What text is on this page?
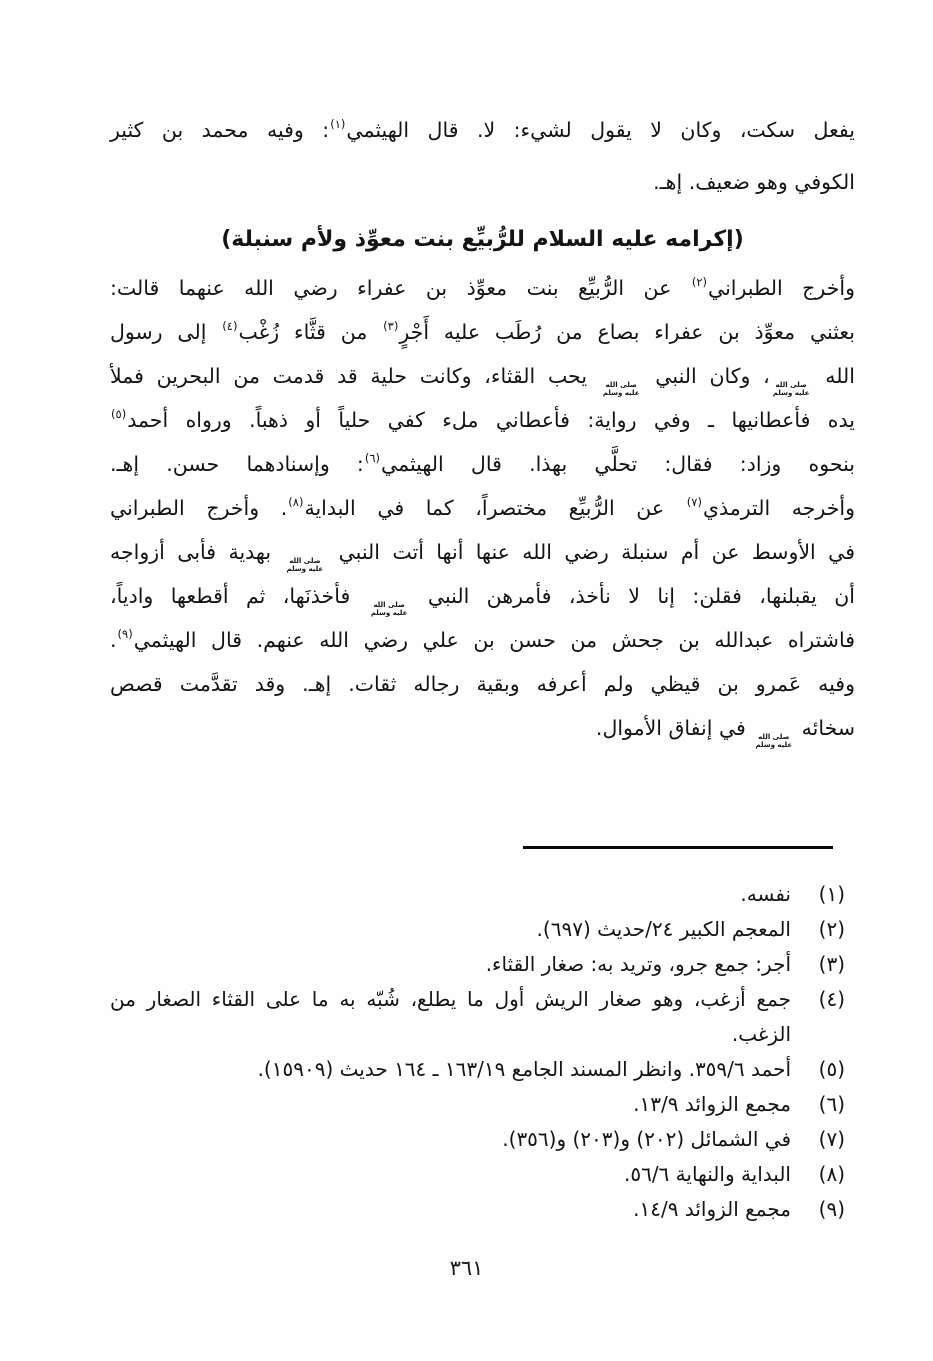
يفعل سكت، وكان لا يقول لشيء: لا. قال الهيثمي$^{(١)}$: وفيه محمد بن كثير
الكوفي وهو ضعيف. إهـ.
(إكرامه عليه السلام للرُّبيِّع بنت معوِّذ ولأم سنبلة)
وأخرج الطبراني$^{(٢)}$ عن الرُّبيِّع بنت معوِّذ بن عفراء رضي الله عنهما قالت:
بعثني معوِّذ بن عفراء بصاع من رُطَب عليه أَجْرٍ$^{(٣)}$ من قثَّاء زُغْب$^{(٤)}$ إلى رسول
الله
صلى الله
عليه وسلم
، وكان النبي
صلى الله
عليه وسلم
يحب القثاء، وكانت حلية قد قدمت من البحرين فملأ
يده فأعطانيها ـ وفي رواية: فأعطاني ملء كفي حلياً أو ذهباً. ورواه أحمد$^{(٥)}$
بنحوه وزاد: فقال: تحلَّي بهذا. قال الهيثمي$^{(٦)}$: وإسنادهما حسن. إهـ.
وأخرجه الترمذي$^{(٧)}$ عن الرُّبيِّع مختصراً، كما في البداية$^{(٨)}$. وأخرج الطبراني
في الأوسط عن أم سنبلة رضي الله عنها أنها أتت النبي
صلى الله
عليه وسلم
بهدية فأبى أزواجه
أن يقبلنها، فقلن: إنا لا نأخذ، فأمرهن النبي
صلى الله
عليه وسلم
فأخذنَها، ثم أقطعها وادياً،
فاشتراه عبدالله بن جحش من حسن بن علي رضي الله عنهم. قال الهيثمي$^{(٩)}$.
وفيه عَمرو بن قيظي ولم أعرفه وبقية رجاله ثقات. إهـ. وقد تقدَّمت قصص
سخائه
صلى الله
عليه وسلم
في إنفاق الأموال.
(١)
نفسه.
(٢)
المعجم الكبير ٢٤/حديث (٦٩٧).
(٣)
أجر: جمع جرو، وتريد به: صغار القثاء.
(٤)
جمع أزغب، وهو صغار الريش أول ما يطلع، شُبّه به ما على القثاء الصغار من الزغب.
(٥)
أحمد ٣٥٩/٦. وانظر المسند الجامع ١٦٣/١٩ ـ ١٦٤ حديث (١٥٩٠٩).
(٦)
مجمع الزوائد ١٣/٩.
(٧)
في الشمائل (٢٠٢) و(٢٠٣) و(٣٥٦).
(٨)
البداية والنهاية ٥٦/٦.
(٩)
مجمع الزوائد ١٤/٩.
٣٦١
